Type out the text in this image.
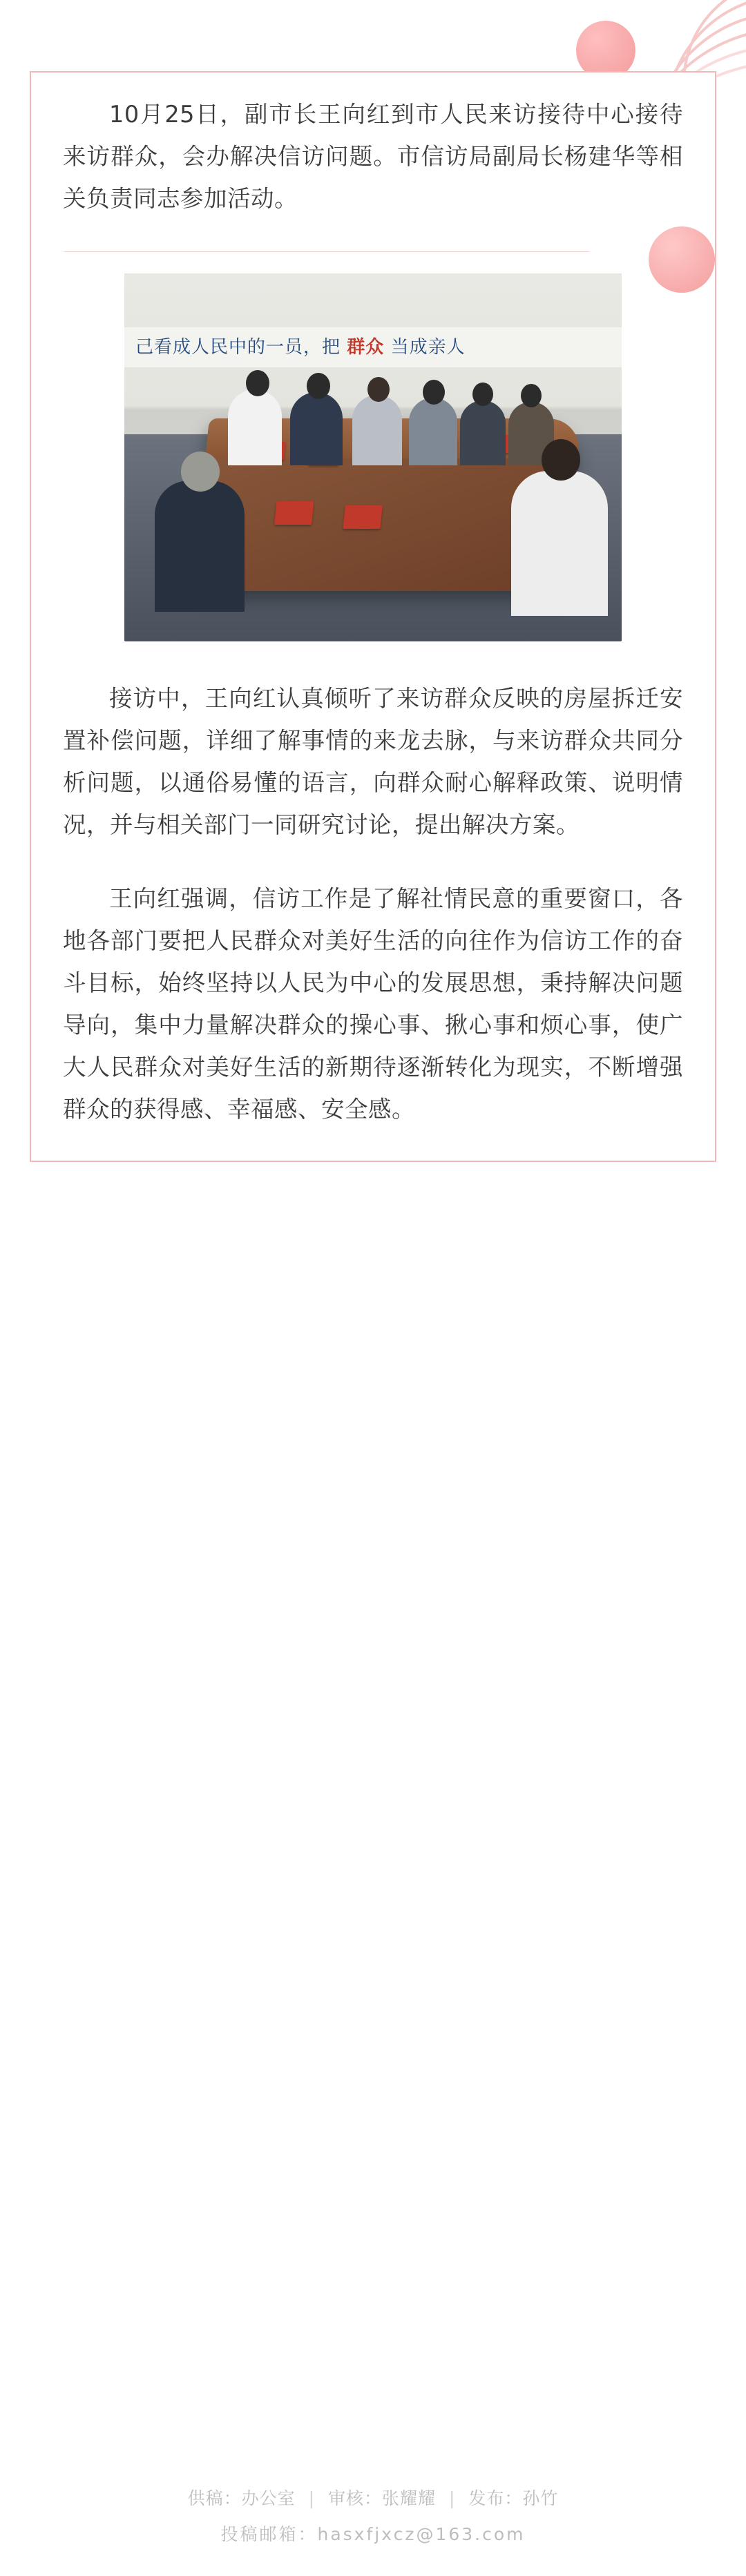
10月25日，副市长王向红到市人民来访接待中心接待来访群众，会办解决信访问题。市信访局副局长杨建华等相关负责同志参加活动。

己看成人民中的一员，把 群众 当成亲人

接访中，王向红认真倾听了来访群众反映的房屋拆迁安置补偿问题，详细了解事情的来龙去脉，与来访群众共同分析问题，以通俗易懂的语言，向群众耐心解释政策、说明情况，并与相关部门一同研究讨论，提出解决方案。

王向红强调，信访工作是了解社情民意的重要窗口，各地各部门要把人民群众对美好生活的向往作为信访工作的奋斗目标，始终坚持以人民为中心的发展思想，秉持解决问题导向，集中力量解决群众的操心事、揪心事和烦心事，使广大人民群众对美好生活的新期待逐渐转化为现实，不断增强群众的获得感、幸福感、安全感。

供稿：办公室 | 审核：张耀耀 | 发布：孙竹
投稿邮箱：hasxfjxcz@163.com
